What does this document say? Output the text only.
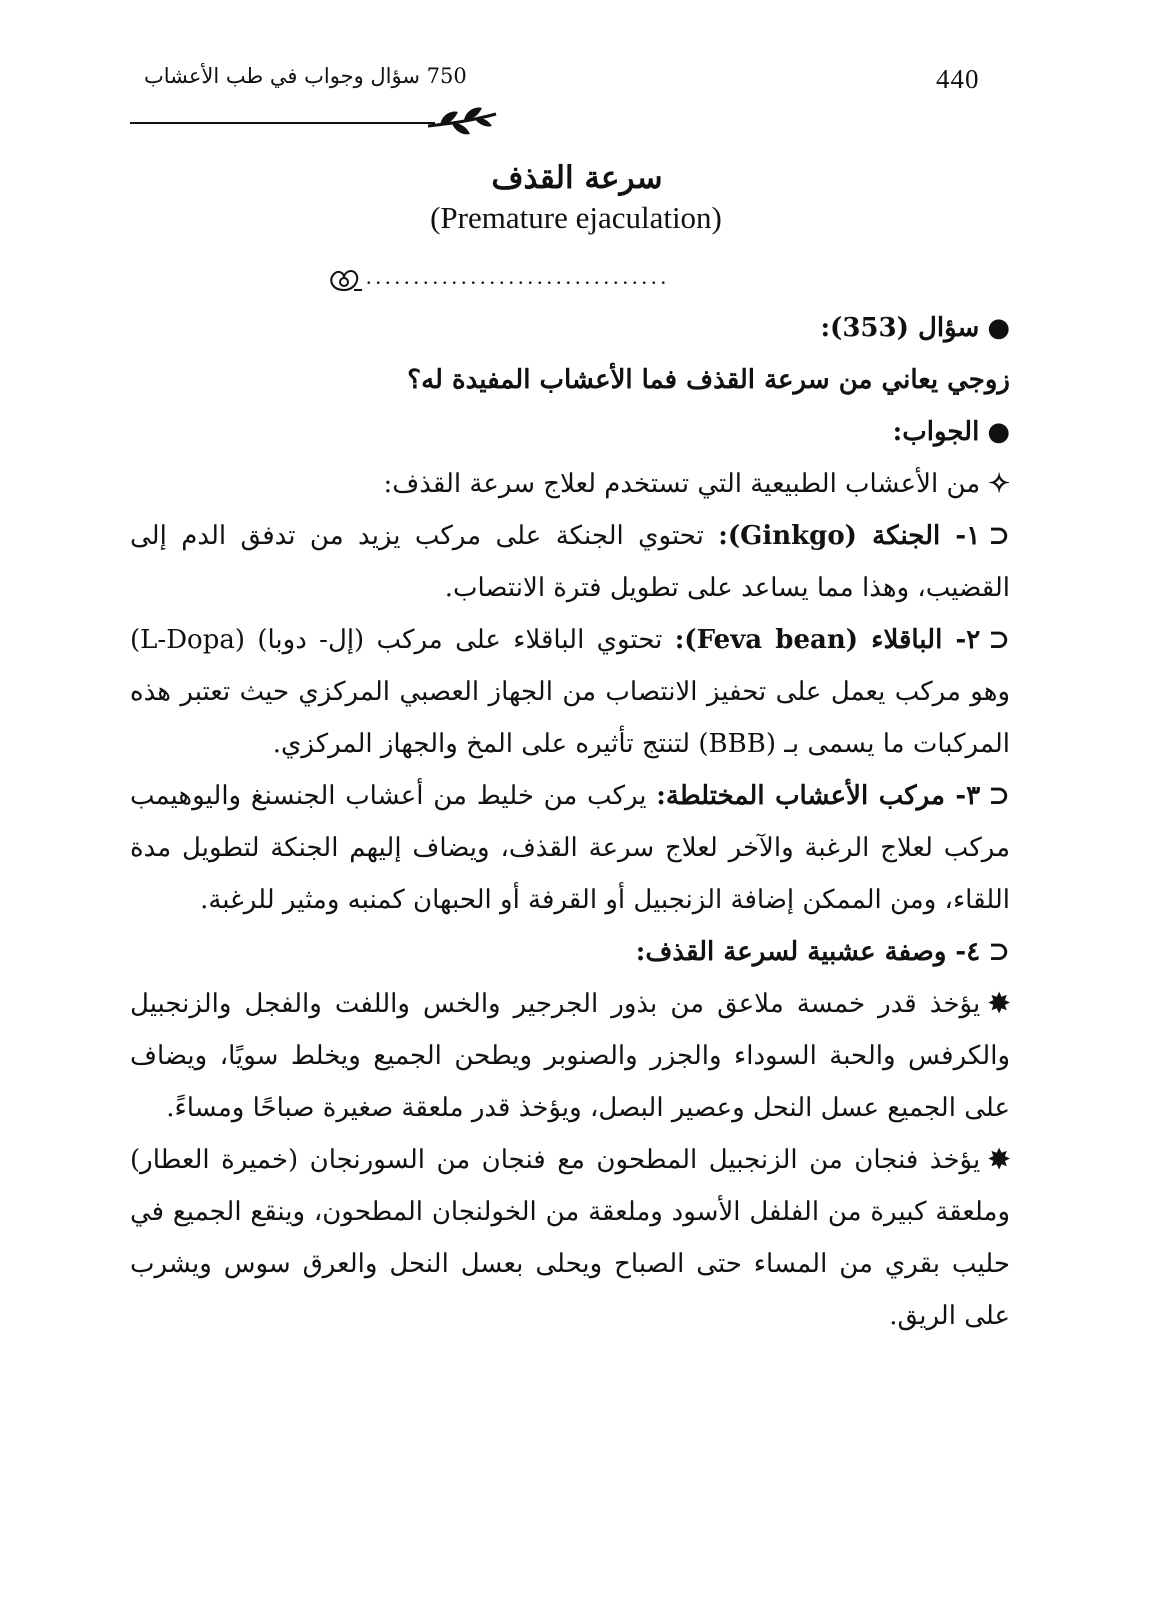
440
750 سؤال وجواب في طب الأعشاب
سرعة القذف
(Premature ejaculation)
................................

●سؤال (353):

زوجي يعاني من سرعة القذف فما الأعشاب المفيدة له؟

●الجواب:

✧من الأعشاب الطبيعية التي تستخدم لعلاج سرعة القذف:

⊂١- الجنكة (Ginkgo): تحتوي الجنكة على مركب يزيد من تدفق الدم إلى القضيب، وهذا مما يساعد على تطويل فترة الانتصاب.

⊂٢- الباقلاء (Feva bean): تحتوي الباقلاء على مركب (إل- دوبا) (L-Dopa) وهو مركب يعمل على تحفيز الانتصاب من الجهاز العصبي المركزي حيث تعتبر هذه المركبات ما يسمى بـ (BBB) لتنتج تأثيره على المخ والجهاز المركزي.

⊂٣- مركب الأعشاب المختلطة: يركب من خليط من أعشاب الجنسنغ واليوهيمب مركب لعلاج الرغبة والآخر لعلاج سرعة القذف، ويضاف إليهم الجنكة لتطويل مدة اللقاء، ومن الممكن إضافة الزنجبيل أو القرفة أو الحبهان كمنبه ومثير للرغبة.

⊂٤- وصفة عشبية لسرعة القذف:

✸يؤخذ قدر خمسة ملاعق من بذور الجرجير والخس واللفت والفجل والزنجبيل والكرفس والحبة السوداء والجزر والصنوبر ويطحن الجميع ويخلط سويًا، ويضاف على الجميع عسل النحل وعصير البصل، ويؤخذ قدر ملعقة صغيرة صباحًا ومساءً.

✸يؤخذ فنجان من الزنجبيل المطحون مع فنجان من السورنجان (خميرة العطار) وملعقة كبيرة من الفلفل الأسود وملعقة من الخولنجان المطحون، وينقع الجميع في حليب بقري من المساء حتى الصباح ويحلى بعسل النحل والعرق سوس ويشرب على الريق.
